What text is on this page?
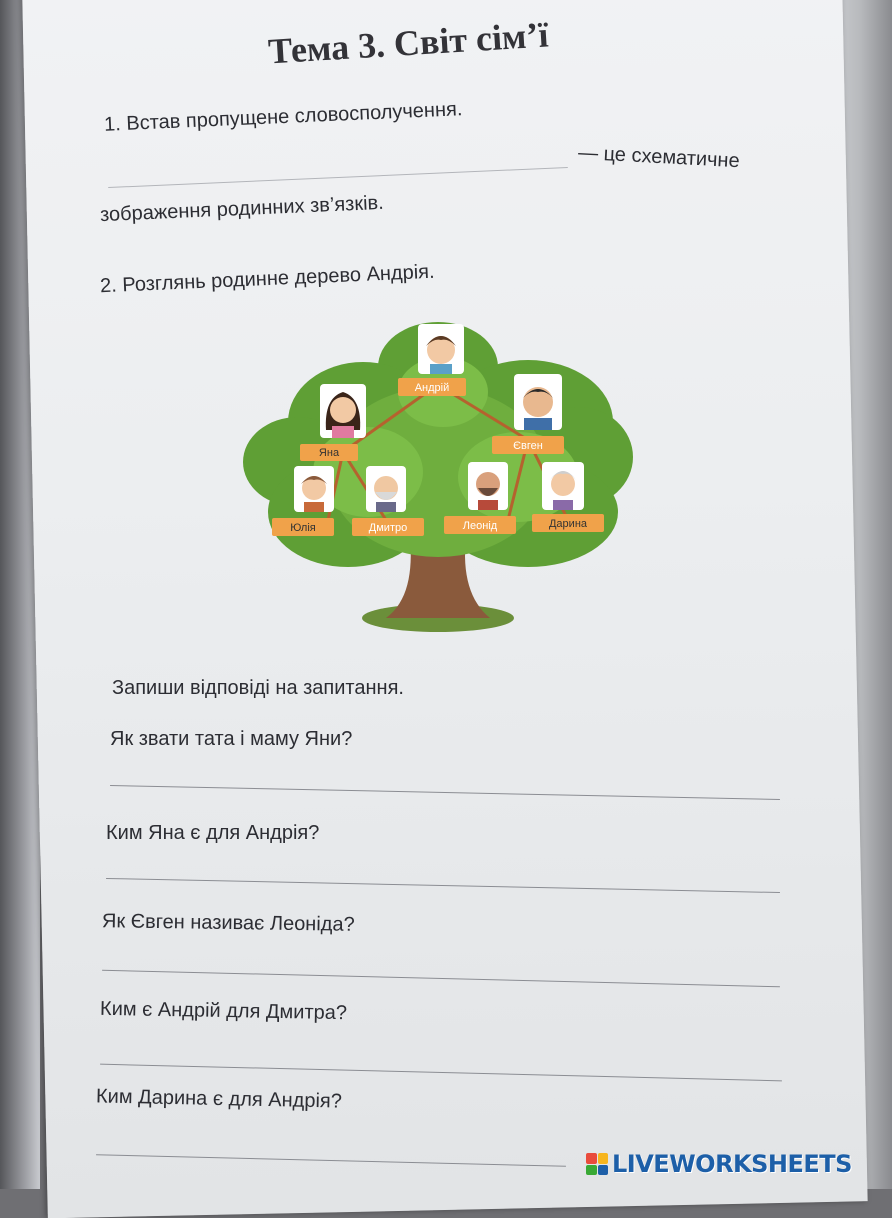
Тема 3. Світ сім’ї

1. Встав пропущене словосполучення.

— це схематичне

зображення родинних зв’язків.

2. Розглянь родинне дерево Андрія.

Андрій
Яна
Євген
Юлія	Дмитро	Леонід	Дарина

Запиши відповіді на запитання.

Як звати тата і маму Яни?

Ким Яна є для Андрія?

Як Євген називає Леоніда?

Ким є Андрій для Дмитра?

Ким Дарина є для Андрія?

LIVEWORKSHEETS
